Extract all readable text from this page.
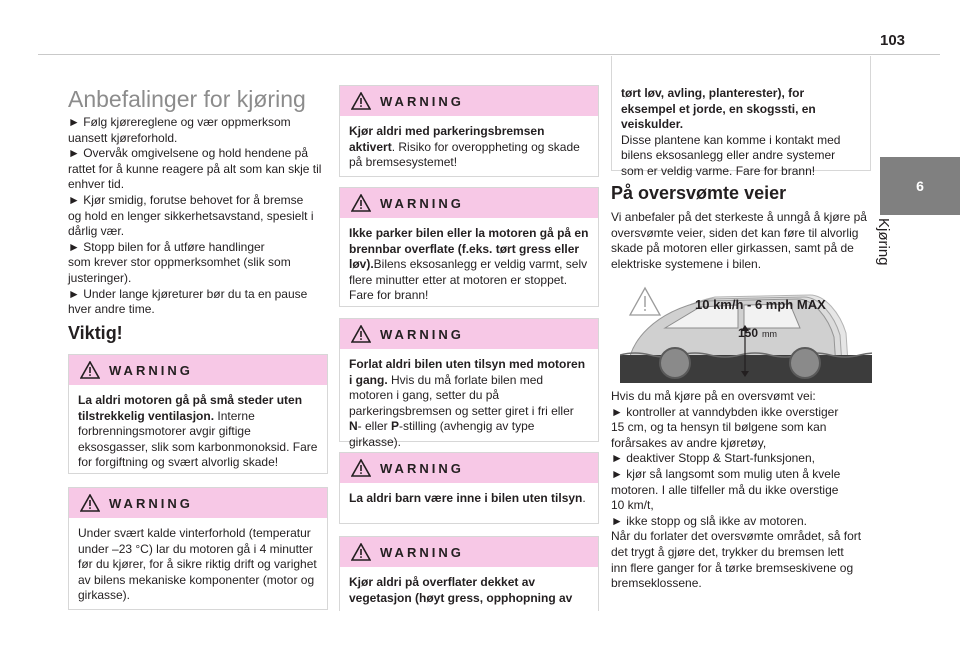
103
6
Kjøring
Anbefalinger for kjøring

► Følg kjørereglene og vær oppmerksom

uansett kjøreforhold.

► Overvåk omgivelsene og hold hendene på

rattet for å kunne reagere på alt som kan skje til

enhver tid.

► Kjør smidig, forutse behovet for å bremse

og hold en lenger sikkerhetsavstand, spesielt i

dårlig vær.

► Stopp bilen for å utføre handlinger

som krever stor oppmerksomhet (slik som

justeringer).

► Under lange kjøreturer bør du ta en pause

hver andre time.

Viktig!
WARNING
La aldri motoren gå på små steder uten tilstrekkelig ventilasjon. Interne forbrenningsmotorer avgir giftige eksosgasser, slik som karbonmonoksid. Fare for forgiftning og svært alvorlig skade!
WARNING
Under svært kalde vinterforhold (temperatur under –23 °C) lar du motoren gå i 4 minutter før du kjører, for å sikre riktig drift og varighet av bilens mekaniske komponenter (motor og girkasse).
WARNING
Kjør aldri med parkeringsbremsen aktivert. Risiko for overoppheting og skade på bremsesystemet!
WARNING
Ikke parker bilen eller la motoren gå på en brennbar overflate (f.eks. tørt gress eller løv).Bilens eksosanlegg er veldig varmt, selv flere minutter etter at motoren er stoppet. Fare for brann!
WARNING
Forlat aldri bilen uten tilsyn med motoren i gang. Hvis du må forlate bilen med motoren i gang, setter du på parkeringsbremsen og setter giret i fri eller N- eller P-stilling (avhengig av type girkasse).
WARNING
La aldri barn være inne i bilen uten tilsyn.
WARNING
Kjør aldri på overflater dekket av vegetasjon (høyt gress, opphopning av
tørt løv, avling, planterester), for eksempel et jorde, en skogssti, en veiskulder.
Disse plantene kan komme i kontakt med bilens eksosanlegg eller andre systemer som er veldig varme. Fare for brann!
På oversvømte veier
Vi anbefaler på det sterkeste å unngå å kjøre på oversvømte veier, siden det kan føre til alvorlig skade på motoren eller girkassen, samt på de elektriske systemene i bilen.
10 km/h - 6 mph MAX
150 mm

Hvis du må kjøre på en oversvømt vei:

► kontroller at vanndybden ikke overstiger

15 cm, og ta hensyn til bølgene som kan

forårsakes av andre kjøretøy,

► deaktiver Stopp & Start-funksjonen,

► kjør så langsomt som mulig uten å kvele

motoren. I alle tilfeller må du ikke overstige

10 km/t,

► ikke stopp og slå ikke av motoren.

Når du forlater det oversvømte området, så fort

det trygt å gjøre det, trykker du bremsen lett

inn flere ganger for å tørke bremseskivene og

bremseklossene.
